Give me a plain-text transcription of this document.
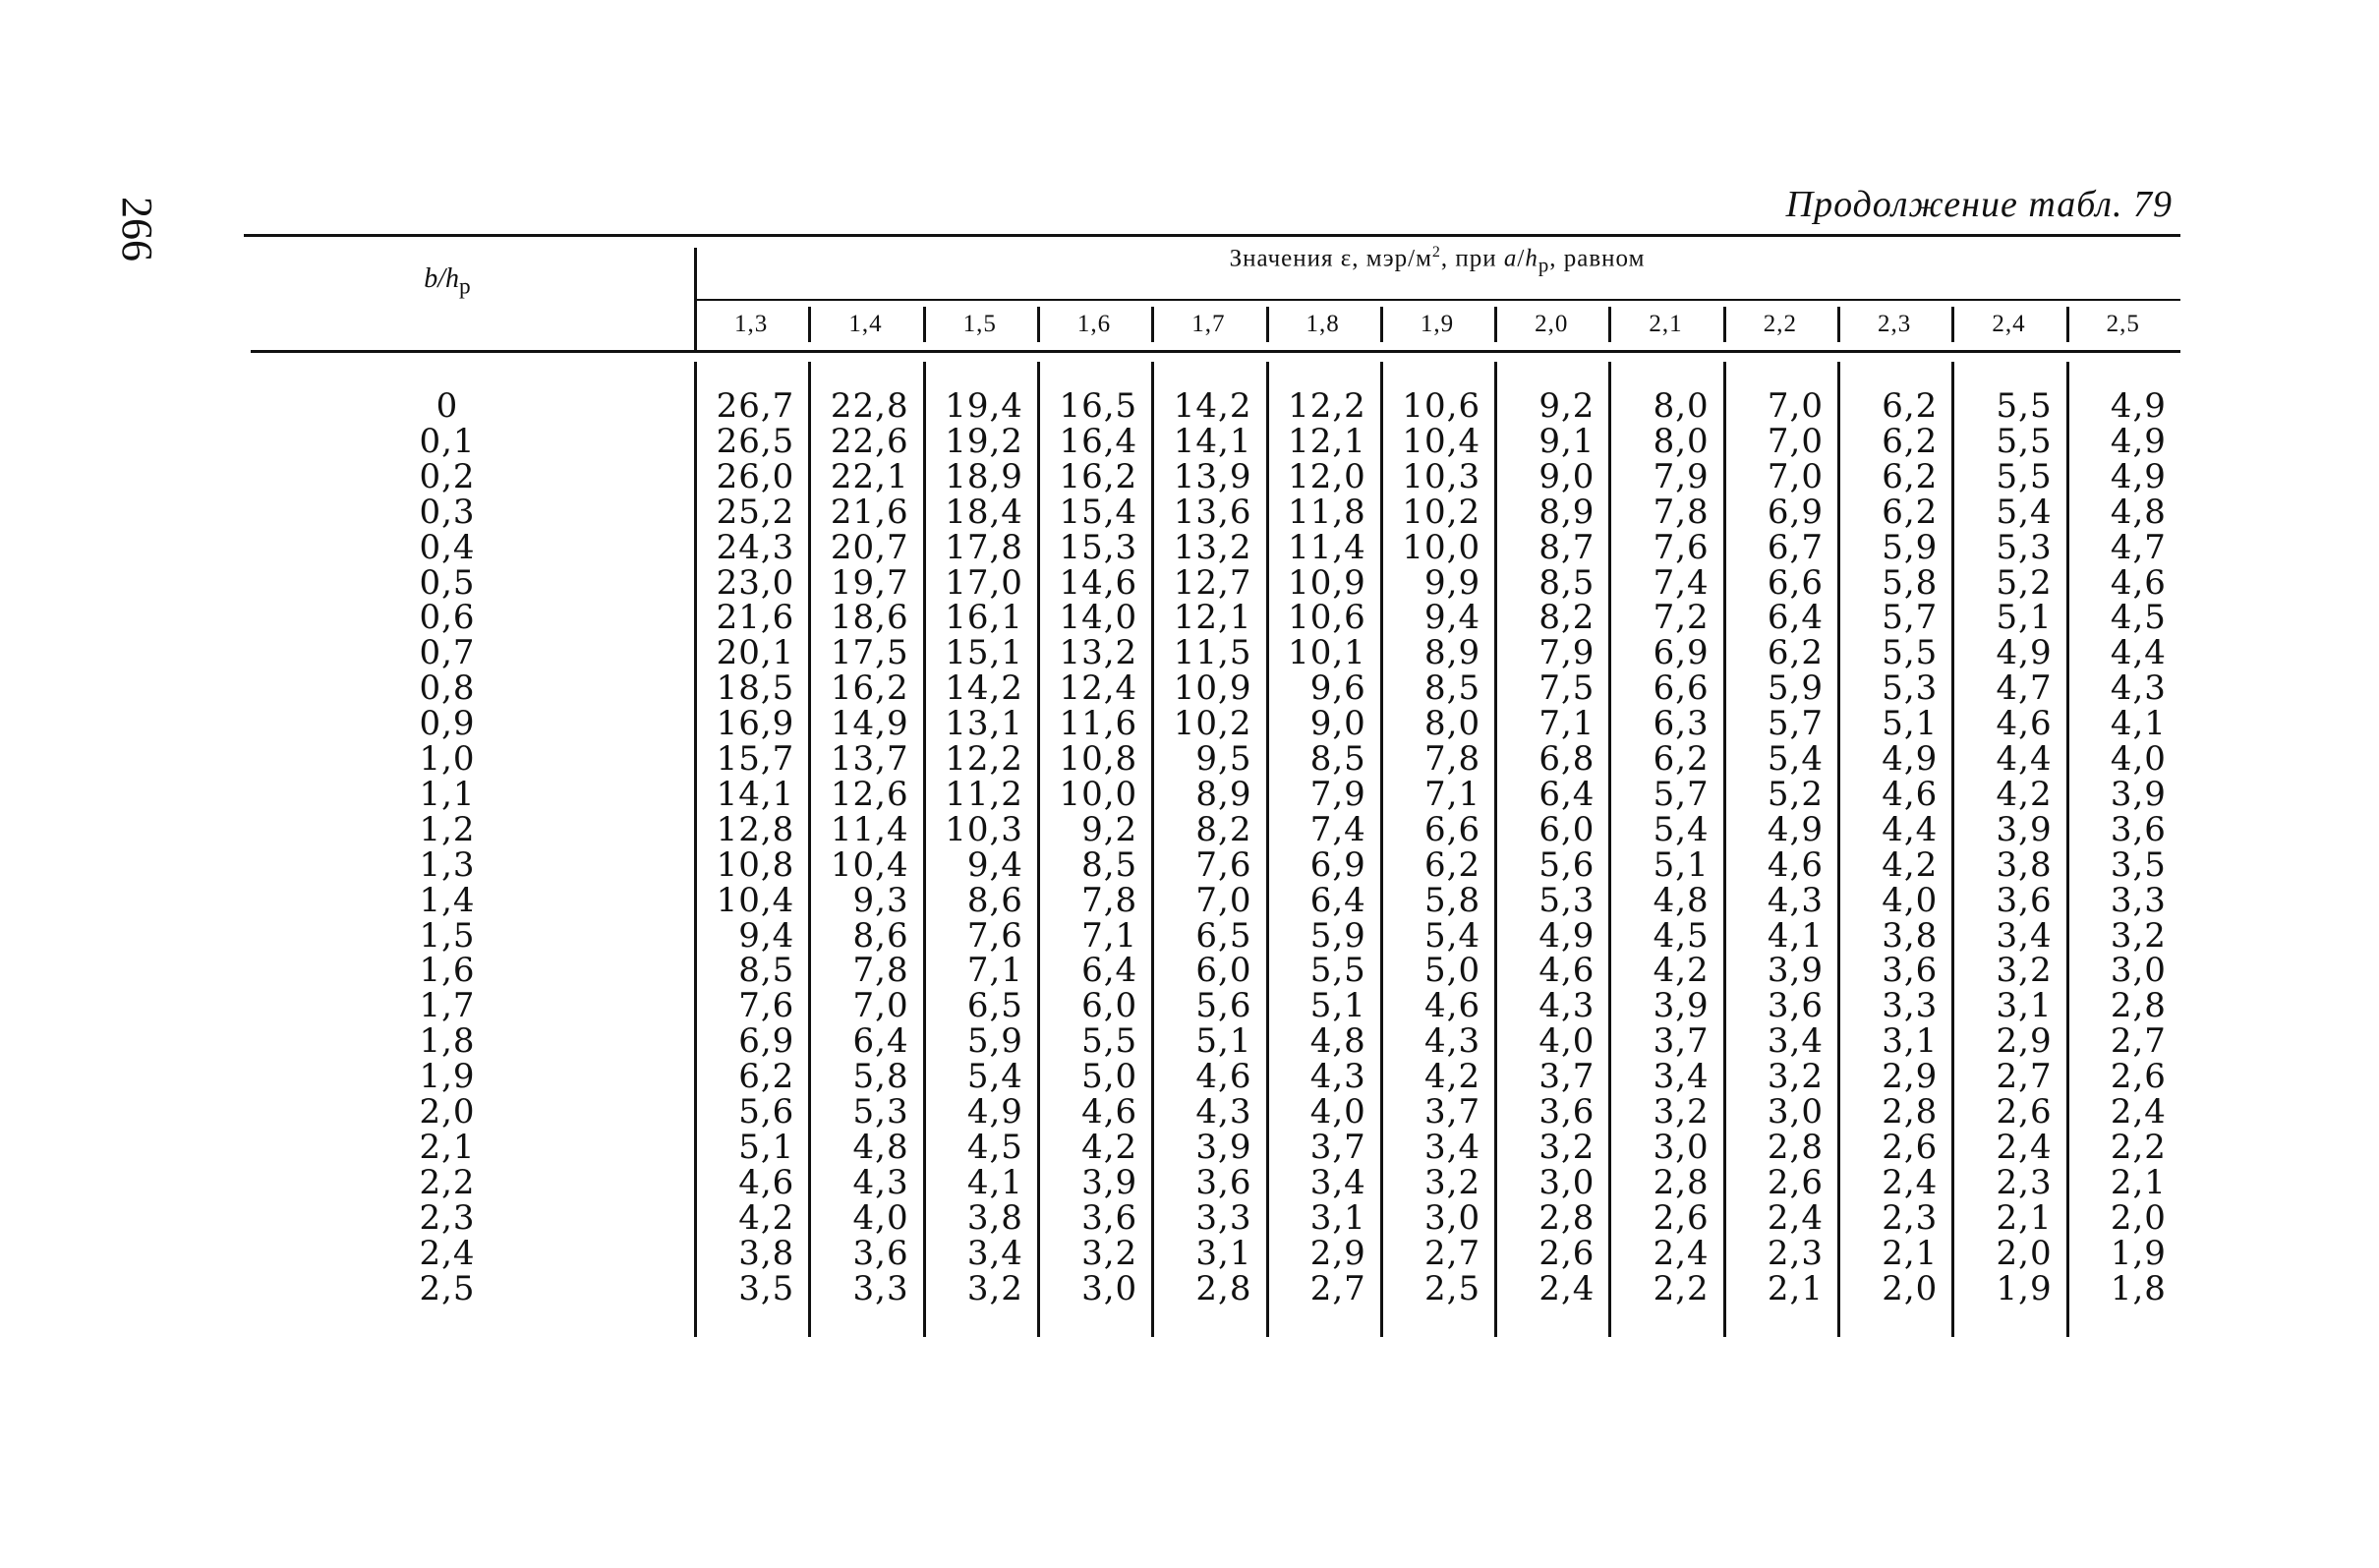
266	Продолжение табл. 79
$b/h_р$
Значения ε, мэр/$м^2$, при $a/h_р$, равном
1,3	1,4	1,5	1,6	1,7	1,8	1,9	2,0	2,1	2,2	2,3	2,4	2,5
0	26,7	22,8	19,4	16,5	14,2	12,2	10,6	9,2	8,0	7,0	6,2	5,5	4,9
0,1	26,5	22,6	19,2	16,4	14,1	12,1	10,4	9,1	8,0	7,0	6,2	5,5	4,9
0,2	26,0	22,1	18,9	16,2	13,9	12,0	10,3	9,0	7,9	7,0	6,2	5,5	4,9
0,3	25,2	21,6	18,4	15,4	13,6	11,8	10,2	8,9	7,8	6,9	6,2	5,4	4,8
0,4	24,3	20,7	17,8	15,3	13,2	11,4	10,0	8,7	7,6	6,7	5,9	5,3	4,7
0,5	23,0	19,7	17,0	14,6	12,7	10,9	9,9	8,5	7,4	6,6	5,8	5,2	4,6
0,6	21,6	18,6	16,1	14,0	12,1	10,6	9,4	8,2	7,2	6,4	5,7	5,1	4,5
0,7	20,1	17,5	15,1	13,2	11,5	10,1	8,9	7,9	6,9	6,2	5,5	4,9	4,4
0,8	18,5	16,2	14,2	12,4	10,9	9,6	8,5	7,5	6,6	5,9	5,3	4,7	4,3
0,9	16,9	14,9	13,1	11,6	10,2	9,0	8,0	7,1	6,3	5,7	5,1	4,6	4,1
1,0	15,7	13,7	12,2	10,8	9,5	8,5	7,8	6,8	6,2	5,4	4,9	4,4	4,0
1,1	14,1	12,6	11,2	10,0	8,9	7,9	7,1	6,4	5,7	5,2	4,6	4,2	3,9
1,2	12,8	11,4	10,3	9,2	8,2	7,4	6,6	6,0	5,4	4,9	4,4	3,9	3,6
1,3	10,8	10,4	9,4	8,5	7,6	6,9	6,2	5,6	5,1	4,6	4,2	3,8	3,5
1,4	10,4	9,3	8,6	7,8	7,0	6,4	5,8	5,3	4,8	4,3	4,0	3,6	3,3
1,5	9,4	8,6	7,6	7,1	6,5	5,9	5,4	4,9	4,5	4,1	3,8	3,4	3,2
1,6	8,5	7,8	7,1	6,4	6,0	5,5	5,0	4,6	4,2	3,9	3,6	3,2	3,0
1,7	7,6	7,0	6,5	6,0	5,6	5,1	4,6	4,3	3,9	3,6	3,3	3,1	2,8
1,8	6,9	6,4	5,9	5,5	5,1	4,8	4,3	4,0	3,7	3,4	3,1	2,9	2,7
1,9	6,2	5,8	5,4	5,0	4,6	4,3	4,2	3,7	3,4	3,2	2,9	2,7	2,6
2,0	5,6	5,3	4,9	4,6	4,3	4,0	3,7	3,6	3,2	3,0	2,8	2,6	2,4
2,1	5,1	4,8	4,5	4,2	3,9	3,7	3,4	3,2	3,0	2,8	2,6	2,4	2,2
2,2	4,6	4,3	4,1	3,9	3,6	3,4	3,2	3,0	2,8	2,6	2,4	2,3	2,1
2,3	4,2	4,0	3,8	3,6	3,3	3,1	3,0	2,8	2,6	2,4	2,3	2,1	2,0
2,4	3,8	3,6	3,4	3,2	3,1	2,9	2,7	2,6	2,4	2,3	2,1	2,0	1,9
2,5	3,5	3,3	3,2	3,0	2,8	2,7	2,5	2,4	2,2	2,1	2,0	1,9	1,8
